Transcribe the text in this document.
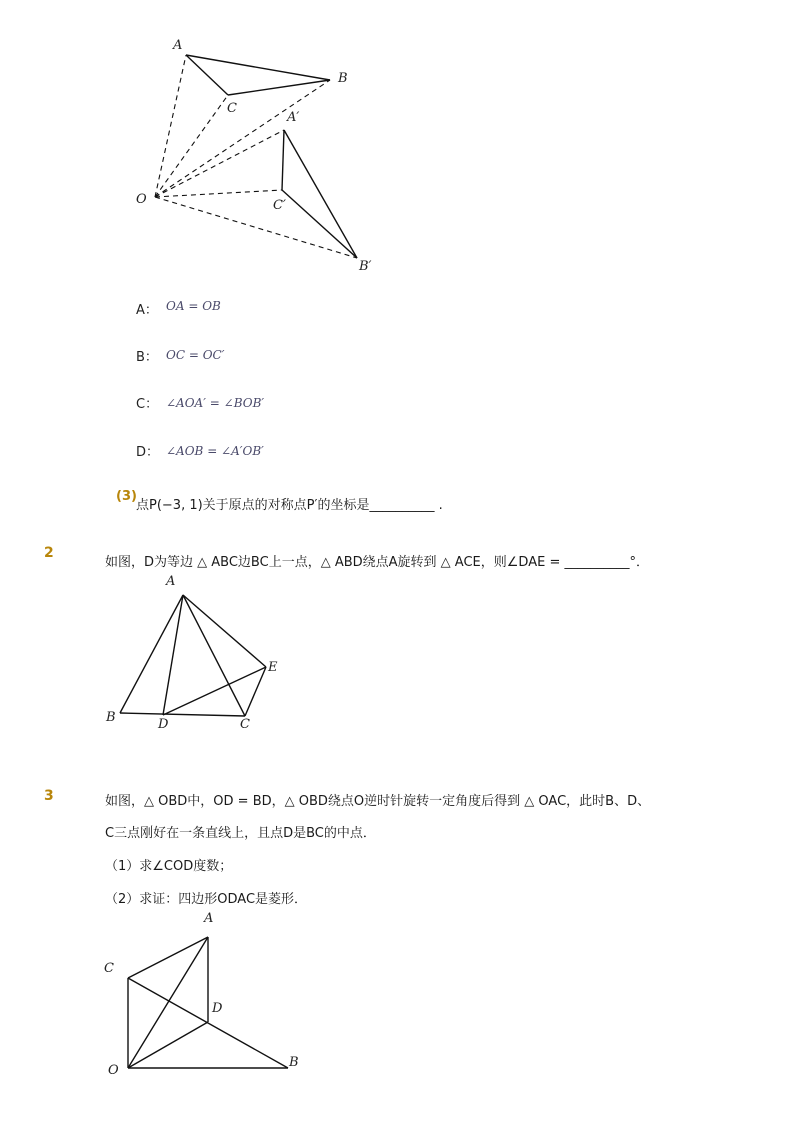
A
B
C
A′
C′
O
B′
A： OA = OB
B： OC = OC′
C： ∠AOA′ = ∠BOB′
D： ∠AOB = ∠A′OB′
(3)
点P(−3, 1)关于原点的对称点P′的坐标是__________ .
2
如图，D为等边 △ ABC边BC上一点，△ ABD绕点A旋转到 △ ACE，则∠DAE = __________°．
A
E
B	D	C
3	如图，△ OBD中，OD = BD，△ OBD绕点O逆时针旋转一定角度后得到 △ OAC，此时B、D、
C三点刚好在一条直线上，且点D是BC的中点．
（1）求∠COD度数；
（2）求证：四边形ODAC是菱形．
A
C
D
B
O
